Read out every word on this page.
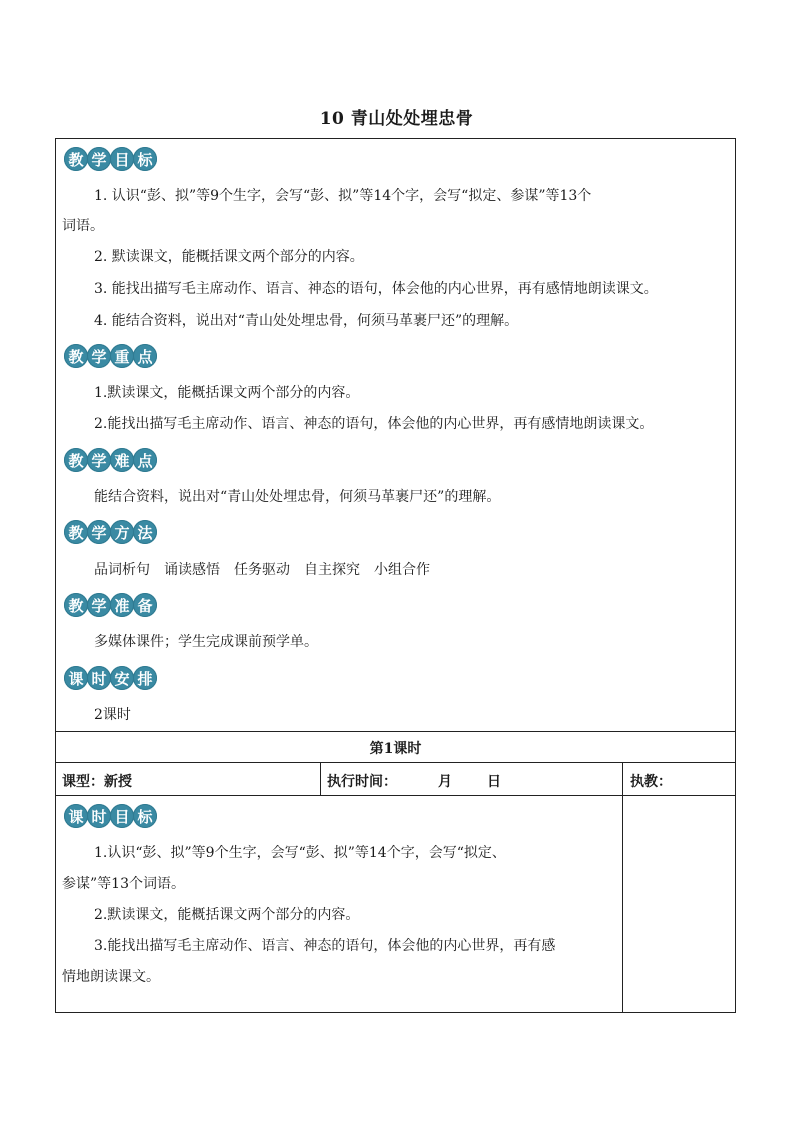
10 青山处处埋忠骨
教 学 目 标
1. 认识“彭、拟”等9个生字，会写“彭、拟”等14个字，会写“拟定、参谋”等13个
词语。
2. 默读课文，能概括课文两个部分的内容。
3. 能找出描写毛主席动作、语言、神态的语句，体会他的内心世界，再有感情地朗读课文。
4. 能结合资料，说出对“青山处处埋忠骨，何须马革裹尸还”的理解。
教 学 重 点
1.默读课文，能概括课文两个部分的内容。
2.能找出描写毛主席动作、语言、神态的语句，体会他的内心世界，再有感情地朗读课文。
教 学 难 点
能结合资料，说出对“青山处处埋忠骨，何须马革裹尸还”的理解。
教 学 方 法
品词析句　诵读感悟　任务驱动　自主探究　小组合作
教 学 准 备
多媒体课件；学生完成课前预学单。
课 时 安 排
2课时
第1课时
课型：新授	执行时间：	月	日	执教：
课 时 目 标
1.认识“彭、拟”等9个生字，会写“彭、拟”等14个字，会写“拟定、
参谋”等13个词语。
2.默读课文，能概括课文两个部分的内容。
3.能找出描写毛主席动作、语言、神态的语句，体会他的内心世界，再有感
情地朗读课文。
